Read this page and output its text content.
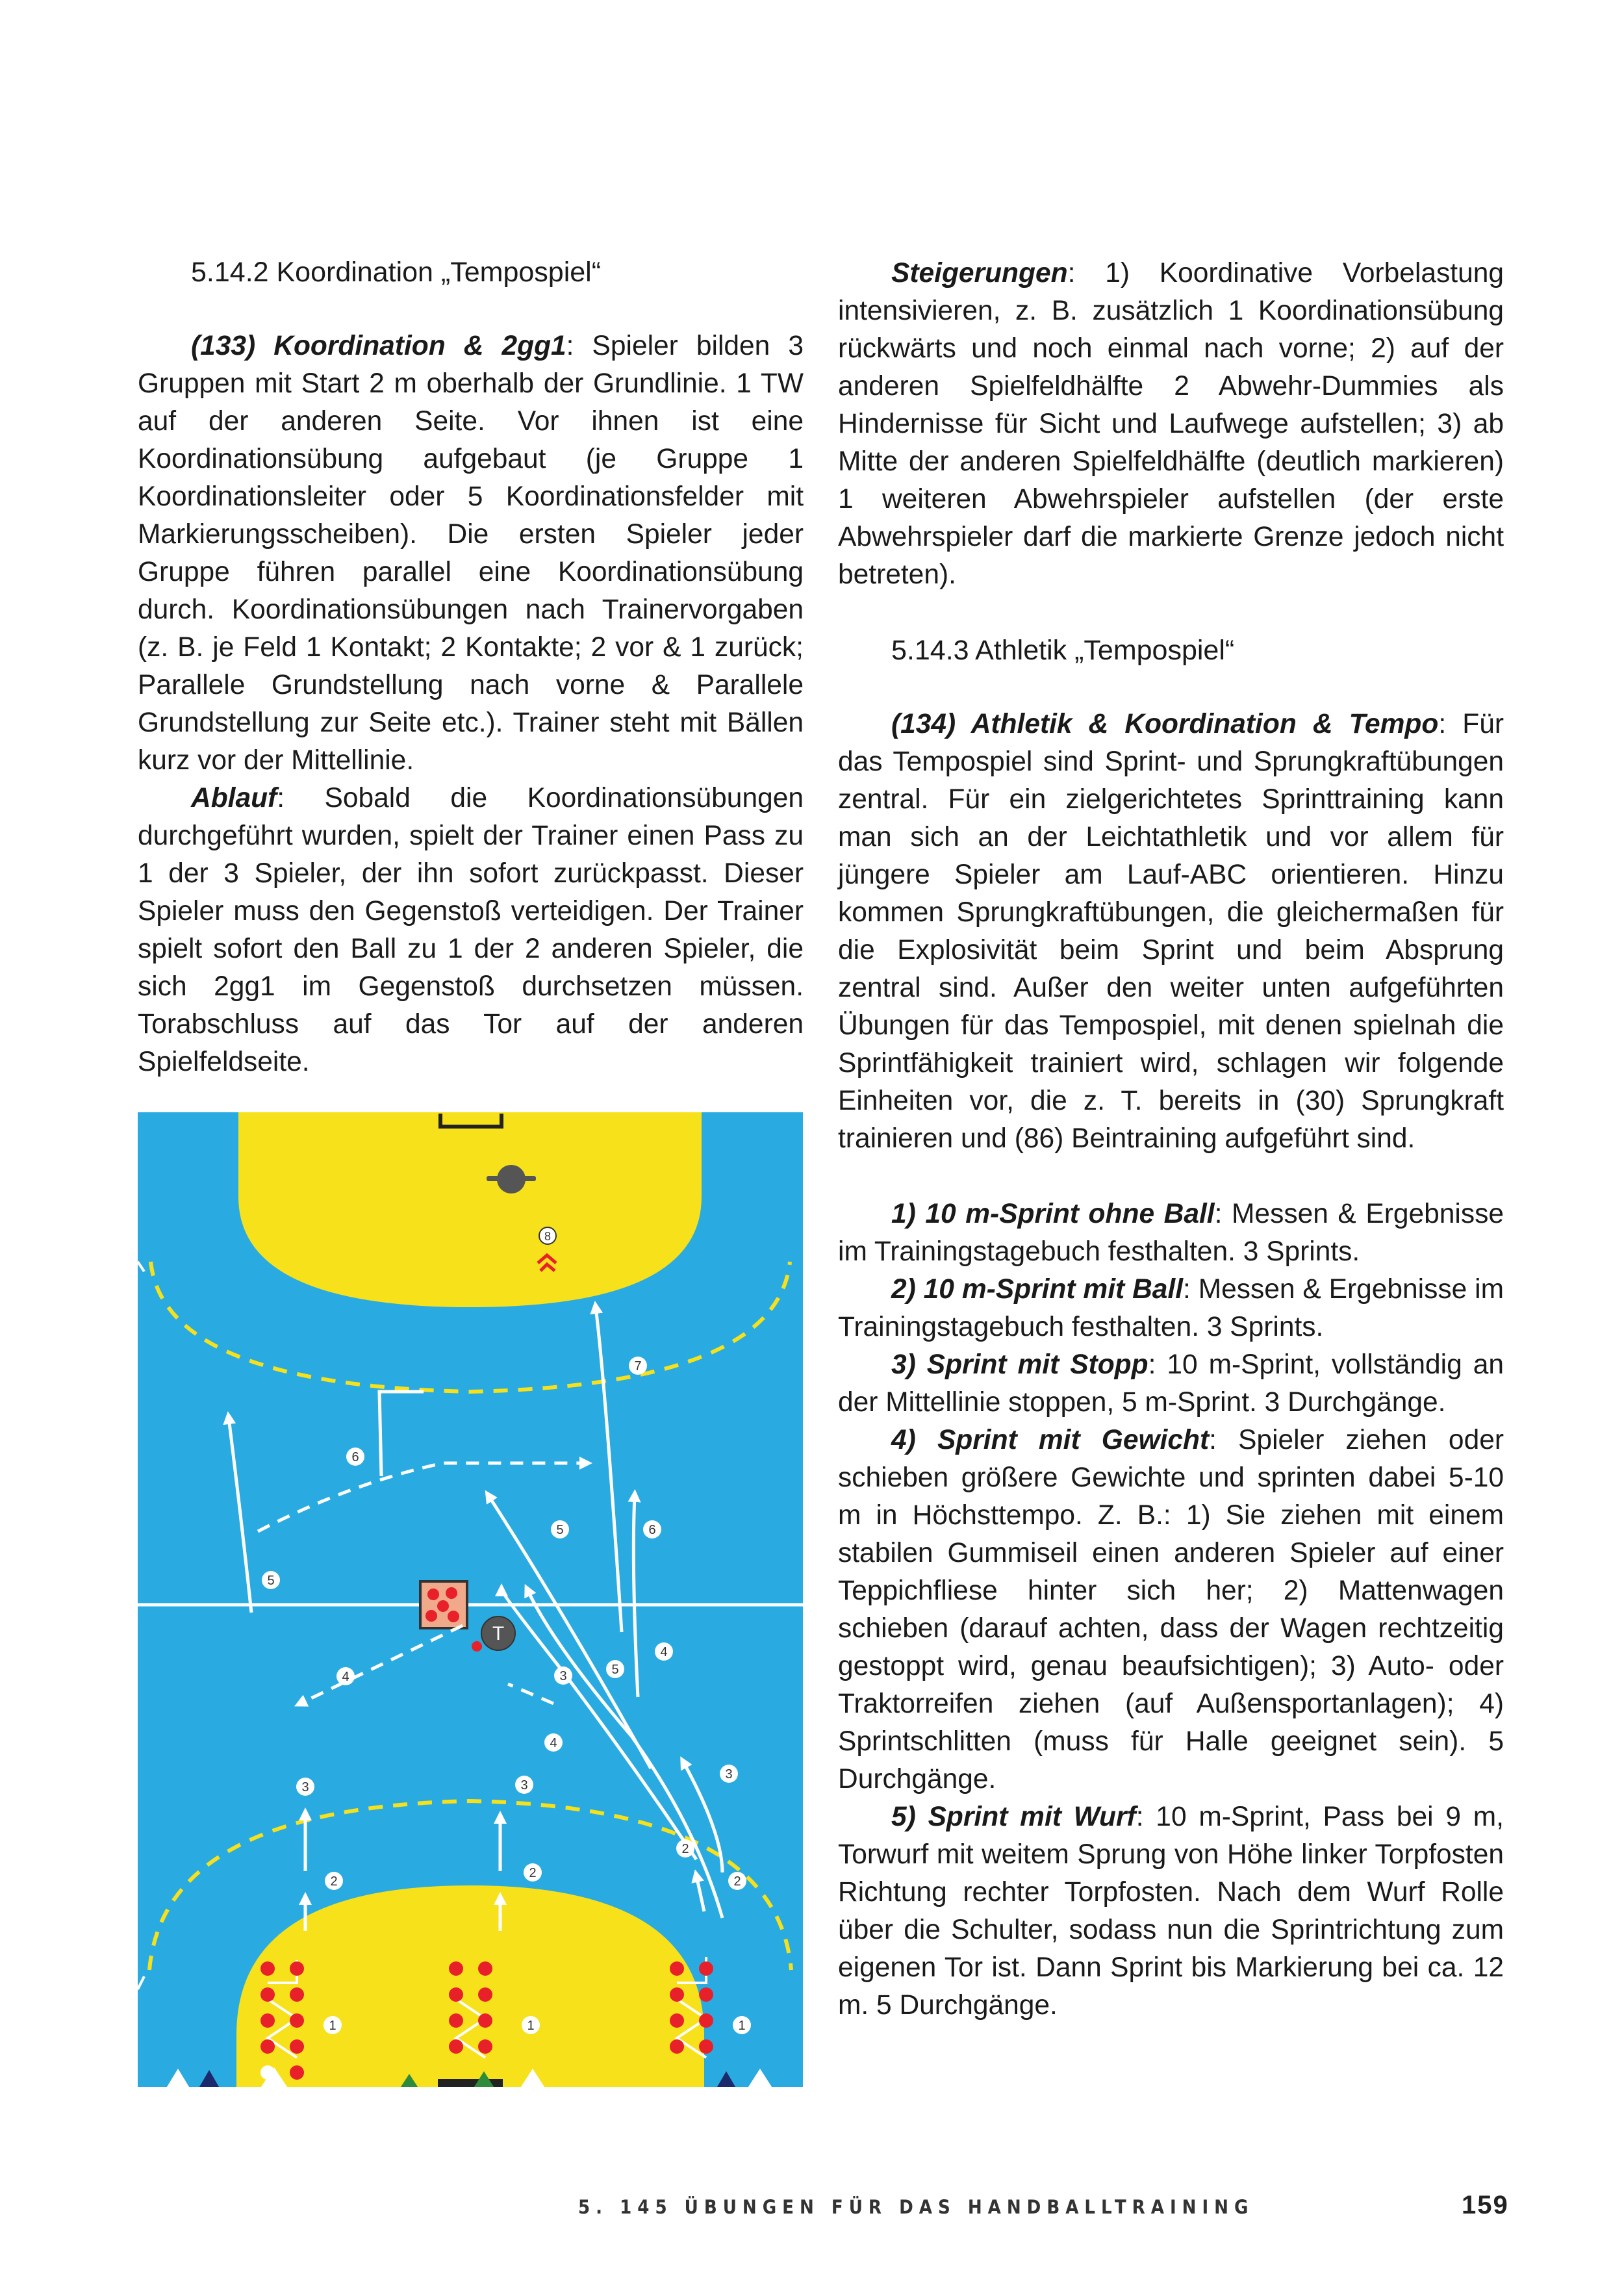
5.14.2 Koordination „Tempospiel“

(133) Koordination & 2gg1: Spieler bilden 3 Gruppen mit Start 2 m oberhalb der Grundlinie. 1 TW auf der anderen Seite. Vor ihnen ist eine Koordinationsübung aufgebaut (je Gruppe 1 Koordinationsleiter oder 5 Koordinationsfelder mit Markierungsscheiben). Die ersten Spieler jeder Gruppe führen parallel eine Koordinationsübung durch. Koordinationsübungen nach Trainervorgaben (z. B. je Feld 1 Kontakt; 2 Kontakte; 2 vor & 1 zurück; Parallele Grundstellung nach vorne & Parallele Grundstellung zur Seite etc.). Trainer steht mit Bällen kurz vor der Mittellinie.

Ablauf: Sobald die Koordinationsübungen durchgeführt wurden, spielt der Trainer einen Pass zu 1 der 3 Spieler, der ihn sofort zurückpasst. Dieser Spieler muss den Gegenstoß verteidigen. Der Trainer spielt sofort den Ball zu 1 der 2 anderen Spieler, die sich 2gg1 im Gegenstoß durchsetzen müssen. Torabschluss auf das Tor auf der anderen Spielfeldseite.

8
T
1	1	1
2
2
2
2
3	3
3
3
4
4
4
5
5
5
6
6
7

Steigerungen: 1) Koordinative Vorbelastung intensivieren, z. B. zusätzlich 1 Koordinationsübung rückwärts und noch einmal nach vorne; 2) auf der anderen Spielfeldhälfte 2 Abwehr-Dummies als Hindernisse für Sicht und Laufwege aufstellen; 3) ab Mitte der anderen Spielfeldhälfte (deutlich markieren) 1 weiteren Abwehrspieler aufstellen (der erste Abwehrspieler darf die markierte Grenze jedoch nicht betreten).

5.14.3 Athletik „Tempospiel“

(134) Athletik & Koordination & Tempo: Für das Tempospiel sind Sprint- und Sprungkraftübungen zentral. Für ein zielgerichtetes Sprinttraining kann man sich an der Leichtathletik und vor allem für jüngere Spieler am Lauf-ABC orientieren. Hinzu kommen Sprungkraftübungen, die gleichermaßen für die Explosivität beim Sprint und beim Absprung zentral sind. Außer den weiter unten aufgeführten Übungen für das Tempospiel, mit denen spielnah die Sprintfähigkeit trainiert wird, schlagen wir folgende Einheiten vor, die z. T. bereits in (30) Sprungkraft trainieren und (86) Beintraining aufgeführt sind.

1) 10 m-Sprint ohne Ball: Messen & Ergebnisse im Trainingstagebuch festhalten. 3 Sprints.

2) 10 m-Sprint mit Ball: Messen & Ergebnisse im Trainingstagebuch festhalten. 3 Sprints.

3) Sprint mit Stopp: 10 m-Sprint, vollständig an der Mittellinie stoppen, 5 m-Sprint. 3 Durchgänge.

4) Sprint mit Gewicht: Spieler ziehen oder schieben größere Gewichte und sprinten dabei 5-10 m in Höchsttempo. Z. B.: 1) Sie ziehen mit einem stabilen Gummiseil einen anderen Spieler auf einer Teppichfliese hinter sich her; 2) Mattenwagen schieben (darauf achten, dass der Wagen rechtzeitig gestoppt wird, genau beaufsichtigen); 3) Auto- oder Traktorreifen ziehen (auf Außensportanlagen); 4) Sprintschlitten (muss für Halle geeignet sein). 5 Durchgänge.

5) Sprint mit Wurf: 10 m-Sprint, Pass bei 9 m, Torwurf mit weitem Sprung von Höhe linker Torpfosten Richtung rechter Torpfosten. Nach dem Wurf Rolle über die Schulter, sodass nun die Sprintrichtung zum eigenen Tor ist. Dann Sprint bis Markierung bei ca. 12 m. 5 Durchgänge.

5. 145 ÜBUNGEN FÜR DAS HANDBALLTRAINING	159
